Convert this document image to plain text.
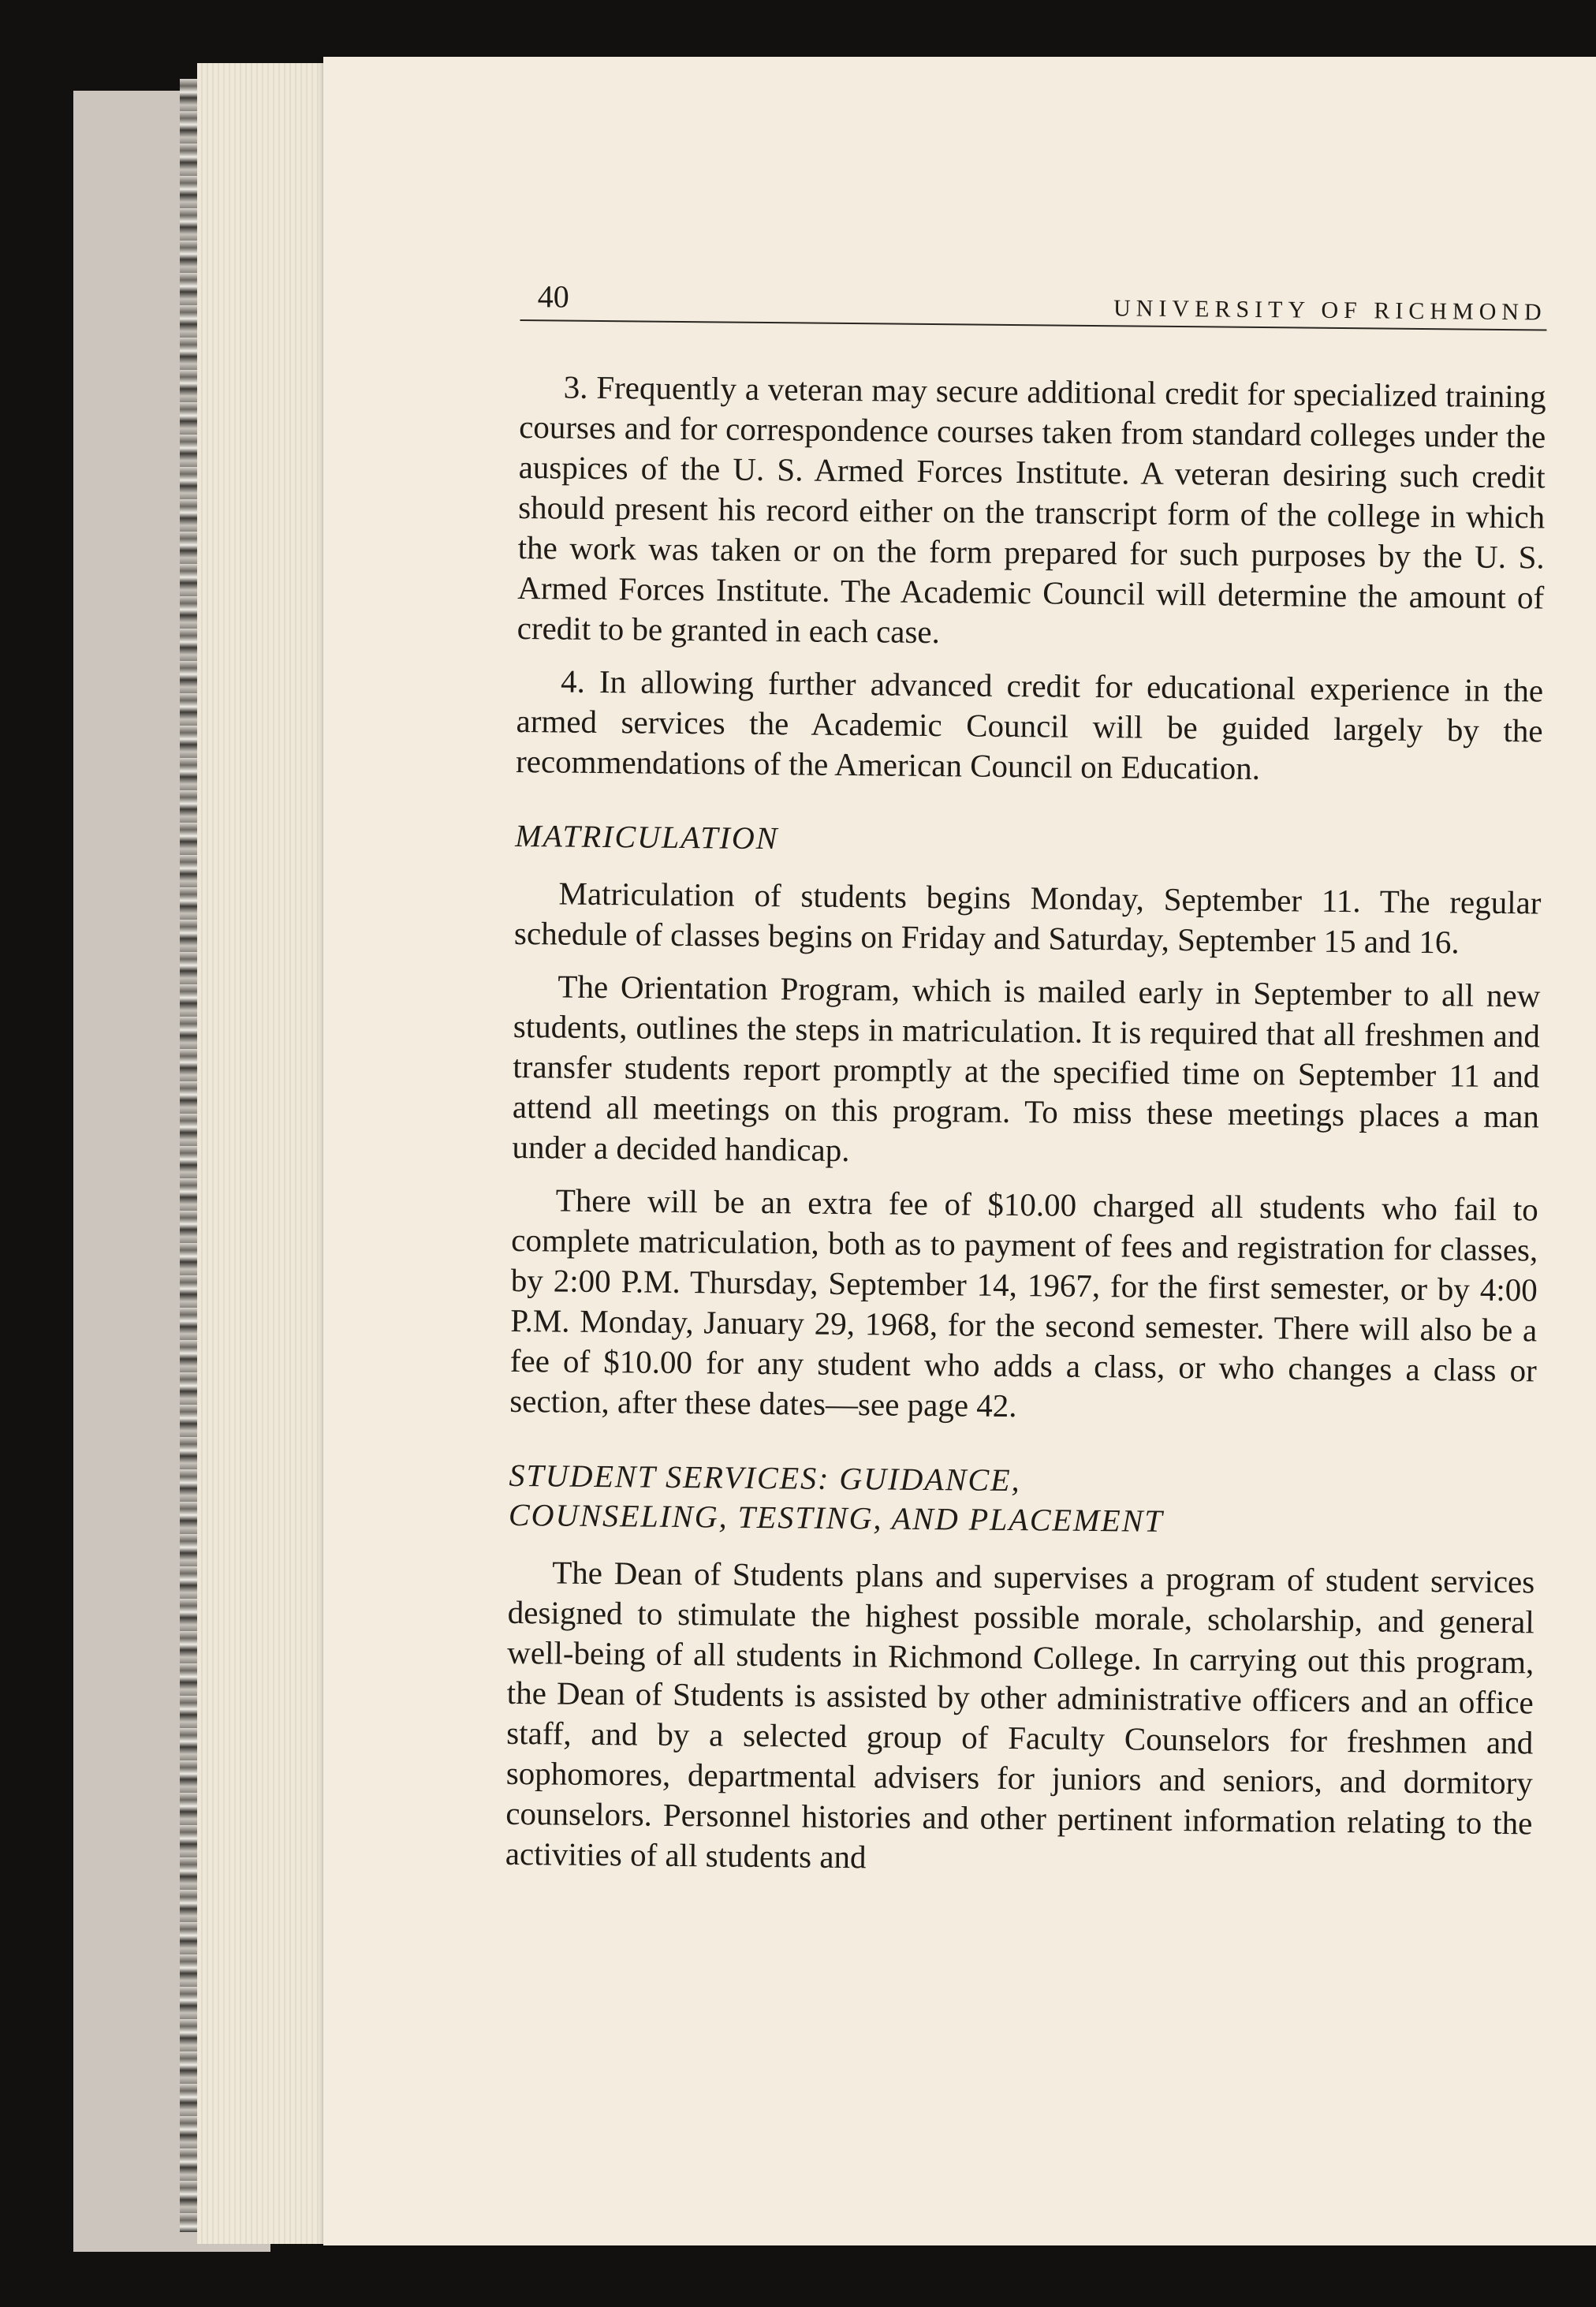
40	UNIVERSITY OF RICHMOND

3. Frequently a veteran may secure additional credit for specialized training courses and for correspondence courses taken from standard colleges under the auspices of the U. S. Armed Forces Institute. A veteran desiring such credit should present his record either on the transcript form of the college in which the work was taken or on the form prepared for such purposes by the U. S. Armed Forces Institute. The Academic Council will determine the amount of credit to be granted in each case.

4. In allowing further advanced credit for educational experience in the armed services the Academic Council will be guided largely by the recommendations of the American Council on Education.

MATRICULATION

Matriculation of students begins Monday, September 11. The regular schedule of classes begins on Friday and Saturday, September 15 and 16.

The Orientation Program, which is mailed early in September to all new students, outlines the steps in matriculation. It is required that all freshmen and transfer students report promptly at the specified time on September 11 and attend all meetings on this program. To miss these meetings places a man under a decided handicap.

There will be an extra fee of $10.00 charged all students who fail to complete matriculation, both as to payment of fees and registration for classes, by 2:00 P.M. Thursday, September 14, 1967, for the first semester, or by 4:00 P.M. Monday, January 29, 1968, for the second semester. There will also be a fee of $10.00 for any student who adds a class, or who changes a class or section, after these dates—see page 42.

STUDENT SERVICES: GUIDANCE,
COUNSELING, TESTING, AND PLACEMENT

The Dean of Students plans and supervises a program of student services designed to stimulate the highest possible morale, scholarship, and general well-being of all students in Richmond College. In carrying out this program, the Dean of Students is assisted by other administrative officers and an office staff, and by a selected group of Faculty Counselors for freshmen and sophomores, departmental advisers for juniors and seniors, and dormitory counselors. Personnel histories and other pertinent information relating to the activities of all students and
